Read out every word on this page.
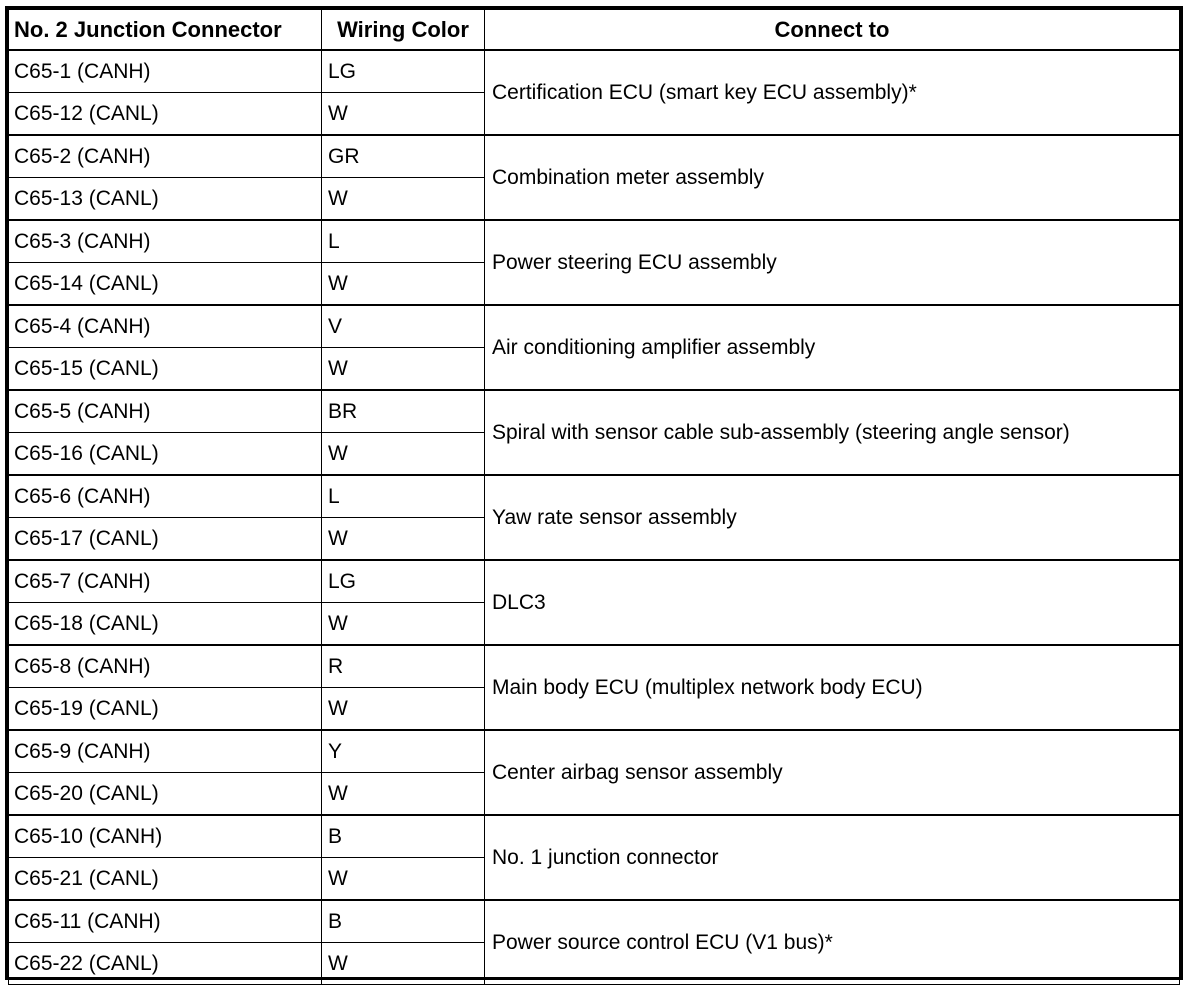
No. 2 Junction Connector	Wiring Color	Connect to
C65-1 (CANH)	LG	Certification ECU (smart key ECU assembly)*
C65-12 (CANL)	W	
C65-2 (CANH)	GR	Combination meter assembly
C65-13 (CANL)	W	
C65-3 (CANH)	L	Power steering ECU assembly
C65-14 (CANL)	W	
C65-4 (CANH)	V	Air conditioning amplifier assembly
C65-15 (CANL)	W	
C65-5 (CANH)	BR	Spiral with sensor cable sub-assembly (steering angle sensor)
C65-16 (CANL)	W	
C65-6 (CANH)	L	Yaw rate sensor assembly
C65-17 (CANL)	W	
C65-7 (CANH)	LG	DLC3
C65-18 (CANL)	W	
C65-8 (CANH)	R	Main body ECU (multiplex network body ECU)
C65-19 (CANL)	W	
C65-9 (CANH)	Y	Center airbag sensor assembly
C65-20 (CANL)	W	
C65-10 (CANH)	B	No. 1 junction connector
C65-21 (CANL)	W	
C65-11 (CANH)	B	Power source control ECU (V1 bus)*
C65-22 (CANL)	W	
